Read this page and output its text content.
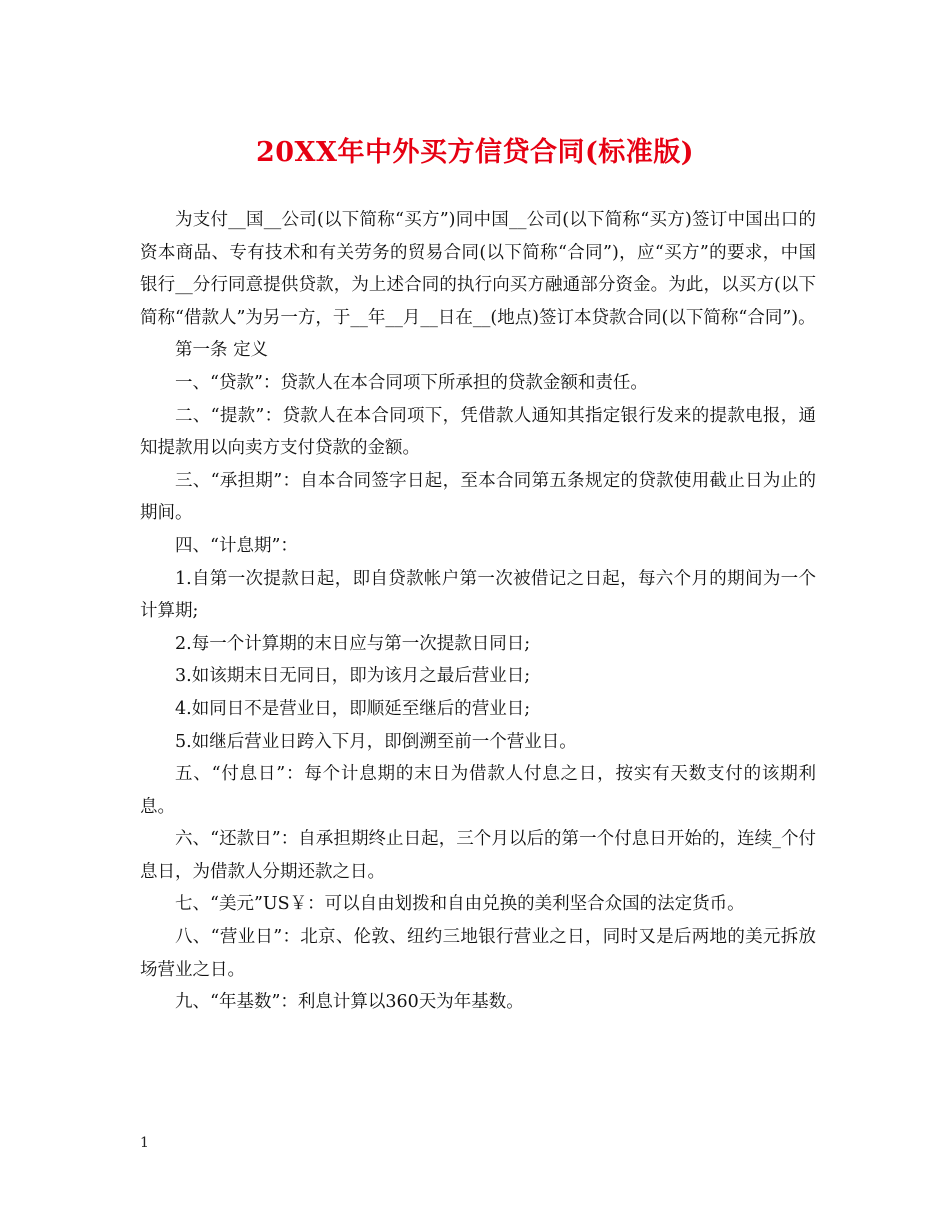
20XX年中外买方信贷合同(标准版)

为支付__国__公司(以下简称“买方”)同中国__公司(以下简称“买方)签订中国出口的资本商品、专有技术和有关劳务的贸易合同(以下简称“合同”)，应“买方”的要求，中国银行__分行同意提供贷款，为上述合同的执行向买方融通部分资金。为此，以买方(以下简称“借款人”为另一方，于__年__月__日在__(地点)签订本贷款合同(以下简称“合同”)。

第一条 定义

一、“贷款”：贷款人在本合同项下所承担的贷款金额和责任。

二、“提款”：贷款人在本合同项下，凭借款人通知其指定银行发来的提款电报，通知提款用以向卖方支付贷款的金额。

三、“承担期”：自本合同签字日起，至本合同第五条规定的贷款使用截止日为止的期间。

四、“计息期”：

1.自第一次提款日起，即自贷款帐户第一次被借记之日起，每六个月的期间为一个计算期;

2.每一个计算期的末日应与第一次提款日同日;

3.如该期末日无同日，即为该月之最后营业日;

4.如同日不是营业日，即顺延至继后的营业日;

5.如继后营业日跨入下月，即倒溯至前一个营业日。

五、“付息日”：每个计息期的末日为借款人付息之日，按实有天数支付的该期利息。

六、“还款日”：自承担期终止日起，三个月以后的第一个付息日开始的，连续_个付息日，为借款人分期还款之日。

七、“美元”US￥：可以自由划拨和自由兑换的美利坚合众国的法定货币。

八、“营业日”：北京、伦敦、纽约三地银行营业之日，同时又是后两地的美元拆放场营业之日。

九、“年基数”：利息计算以360天为年基数。

1
